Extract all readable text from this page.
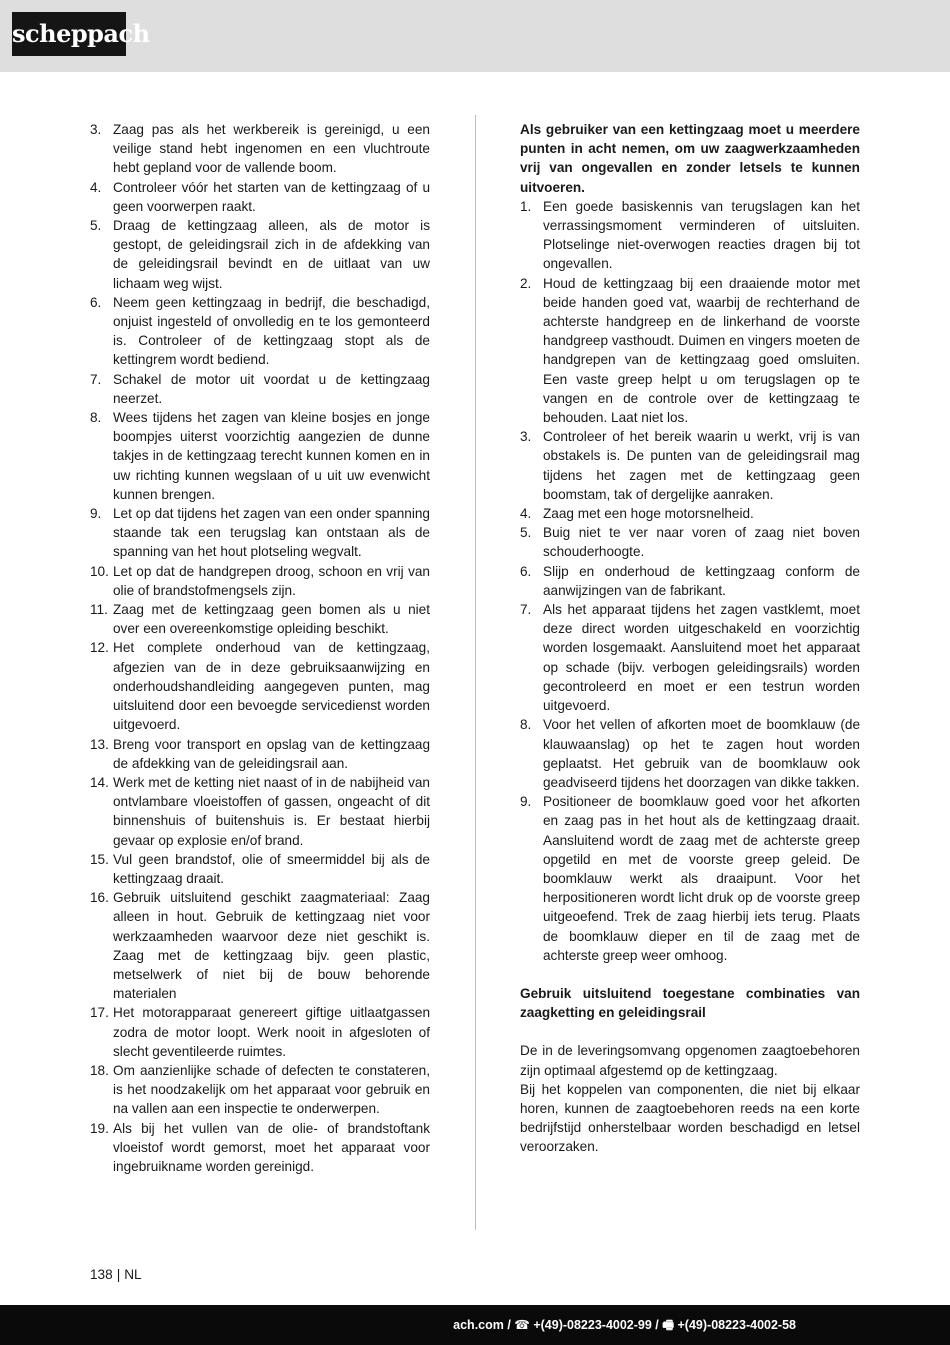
scheppach
3. Zaag pas als het werkbereik is gereinigd, u een veilige stand hebt ingenomen en een vluchtroute hebt gepland voor de vallende boom.
4. Controleer vóór het starten van de kettingzaag of u geen voorwerpen raakt.
5. Draag de kettingzaag alleen, als de motor is gestopt, de geleidingsrail zich in de afdekking van de geleidingsrail bevindt en de uitlaat van uw lichaam weg wijst.
6. Neem geen kettingzaag in bedrijf, die beschadigd, onjuist ingesteld of onvolledig en te los gemonteerd is. Controleer of de kettingzaag stopt als de kettingrem wordt bediend.
7. Schakel de motor uit voordat u de kettingzaag neerzet.
8. Wees tijdens het zagen van kleine bosjes en jonge boompjes uiterst voorzichtig aangezien de dunne takjes in de kettingzaag terecht kunnen komen en in uw richting kunnen wegslaan of u uit uw evenwicht kunnen brengen.
9. Let op dat tijdens het zagen van een onder spanning staande tak een terugslag kan ontstaan als de spanning van het hout plotseling wegvalt.
10. Let op dat de handgrepen droog, schoon en vrij van olie of brandstofmengsels zijn.
11. Zaag met de kettingzaag geen bomen als u niet over een overeenkomstige opleiding beschikt.
12. Het complete onderhoud van de kettingzaag, afgezien van de in deze gebruiksaanwijzing en onderhoudshandleiding aangegeven punten, mag uitsluitend door een bevoegde servicedienst worden uitgevoerd.
13. Breng voor transport en opslag van de kettingzaag de afdekking van de geleidingsrail aan.
14. Werk met de ketting niet naast of in de nabijheid van ontvlambare vloeistoffen of gassen, ongeacht of dit binnenshuis of buitenshuis is. Er bestaat hierbij gevaar op explosie en/of brand.
15. Vul geen brandstof, olie of smeermiddel bij als de kettingzaag draait.
16. Gebruik uitsluitend geschikt zaagmateriaal: Zaag alleen in hout. Gebruik de kettingzaag niet voor werkzaamheden waarvoor deze niet geschikt is. Zaag met de kettingzaag bijv. geen plastic, metselwerk of niet bij de bouw behorende materialen
17. Het motorapparaat genereert giftige uitlaatgassen zodra de motor loopt. Werk nooit in afgesloten of slecht geventileerde ruimtes.
18. Om aanzienlijke schade of defecten te constateren, is het noodzakelijk om het apparaat voor gebruik en na vallen aan een inspectie te onderwerpen.
19. Als bij het vullen van de olie- of brandstoftank vloeistof wordt gemorst, moet het apparaat voor ingebruikname worden gereinigd.

Als gebruiker van een kettingzaag moet u meerdere punten in acht nemen, om uw zaagwerkzaamheden vrij van ongevallen en zonder letsels te kunnen uitvoeren.

1. Een goede basiskennis van terugslagen kan het verrassingsmoment verminderen of uitsluiten. Plotselinge niet-overwogen reacties dragen bij tot ongevallen.
2. Houd de kettingzaag bij een draaiende motor met beide handen goed vat, waarbij de rechterhand de achterste handgreep en de linkerhand de voorste handgreep vasthoudt. Duimen en vingers moeten de handgrepen van de kettingzaag goed omsluiten. Een vaste greep helpt u om terugslagen op te vangen en de controle over de kettingzaag te behouden. Laat niet los.
3. Controleer of het bereik waarin u werkt, vrij is van obstakels is. De punten van de geleidingsrail mag tijdens het zagen met de kettingzaag geen boomstam, tak of dergelijke aanraken.
4. Zaag met een hoge motorsnelheid.
5. Buig niet te ver naar voren of zaag niet boven schouderhoogte.
6. Slijp en onderhoud de kettingzaag conform de aanwijzingen van de fabrikant.
7. Als het apparaat tijdens het zagen vastklemt, moet deze direct worden uitgeschakeld en voorzichtig worden losgemaakt. Aansluitend moet het apparaat op schade (bijv. verbogen geleidingsrails) worden gecontroleerd en moet er een testrun worden uitgevoerd.
8. Voor het vellen of afkorten moet de boomklauw (de klauwaanslag) op het te zagen hout worden geplaatst. Het gebruik van de boomklauw ook geadviseerd tijdens het doorzagen van dikke takken.
9. Positioneer de boomklauw goed voor het afkorten en zaag pas in het hout als de kettingzaag draait. Aansluitend wordt de zaag met de achterste greep opgetild en met de voorste greep geleid. De boomklauw werkt als draaipunt. Voor het herpositioneren wordt licht druk op de voorste greep uitgeoefend. Trek de zaag hierbij iets terug. Plaats de boomklauw dieper en til de zaag met de achterste greep weer omhoog.

Gebruik uitsluitend toegestane combinaties van zaagketting en geleidingsrail

De in de leveringsomvang opgenomen zaagtoebehoren zijn optimaal afgestemd op de kettingzaag.

Bij het koppelen van componenten, die niet bij elkaar horen, kunnen de zaagtoebehoren reeds na een korte bedrijfstijd onherstelbaar worden beschadigd en letsel veroorzaken.

138 | NL
ach.com / ☎ +(49)-08223-4002-99 / 🖷 +(49)-08223-4002-58
